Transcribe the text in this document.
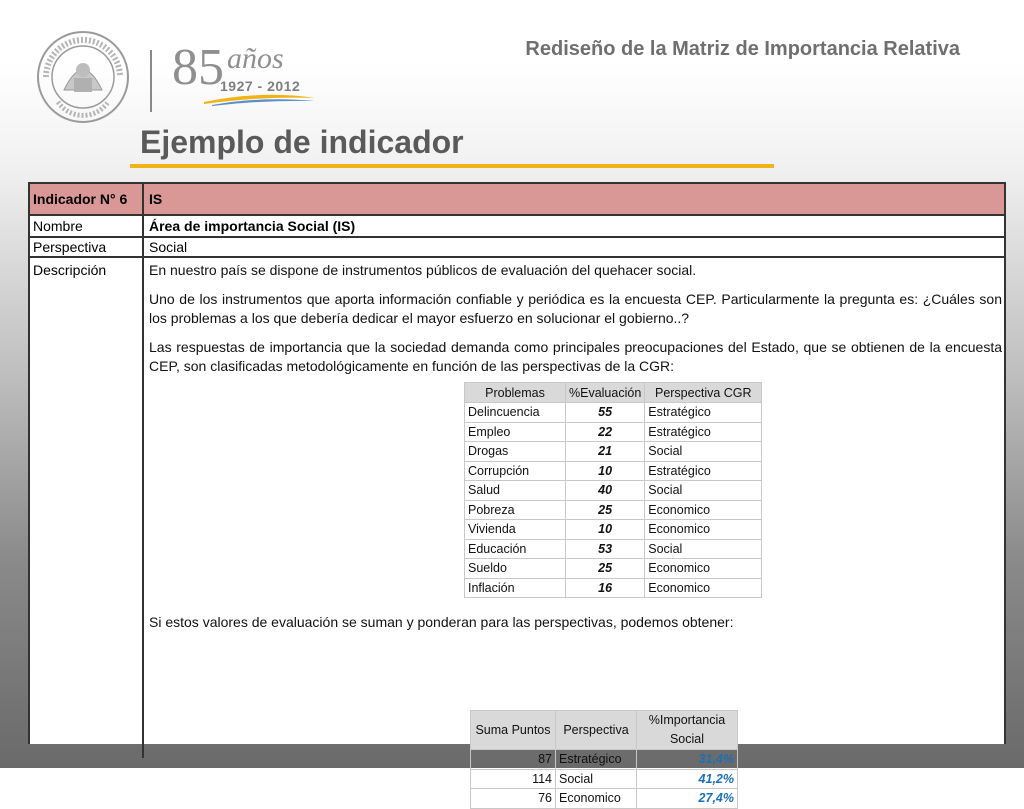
85 años
1927 - 2012
Rediseño de la Matriz de Importancia Relativa
Ejemplo de indicador
Indicador N° 6	IS
Nombre	Área de importancia Social (IS)
Perspectiva	Social
Descripción	En nuestro país se dispone de instrumentos públicos de evaluación del quehacer social.

Uno de los instrumentos que aporta información confiable y periódica es la encuesta CEP. Particularmente la pregunta es: ¿Cuáles son los problemas a los que debería dedicar el mayor esfuerzo en solucionar el gobierno..?

Las respuestas de importancia que la sociedad demanda como principales preocupaciones del Estado, que se obtienen de la encuesta CEP, son clasificadas metodológicamente en función de las perspectivas de la CGR:

Problemas	%Evaluación	Perspectiva CGR
Delincuencia	55	Estratégico
Empleo	22	Estratégico
Drogas	21	Social
Corrupción	10	Estratégico
Salud	40	Social
Pobreza	25	Economico
Vivienda	10	Economico
Educación	53	Social
Sueldo	25	Economico
Inflación	16	Economico
Si estos valores de evaluación se suman y ponderan para las perspectivas, podemos obtener:
Suma Puntos	Perspectiva	%Importancia Social
87	Estratégico	31,4%
114	Social	41,2%
76	Economico	27,4%
